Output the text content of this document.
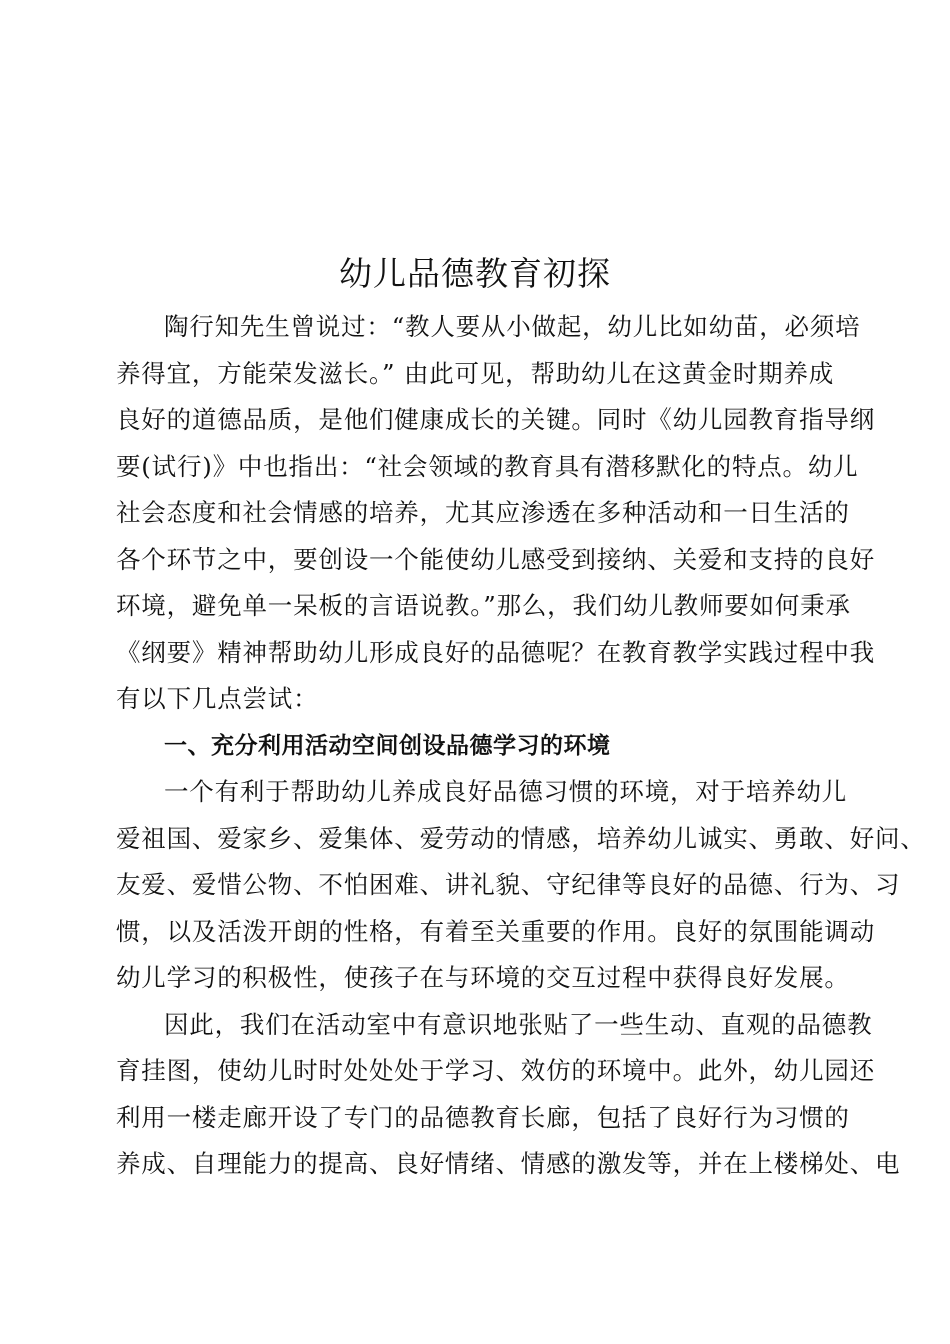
幼儿品德教育初探
陶行知先生曾说过：“教人要从小做起，幼儿比如幼苗，必须培
养得宜，方能荣发滋长。” 由此可见，帮助幼儿在这黄金时期养成
良好的道德品质，是他们健康成长的关键。同时《幼儿园教育指导纲
要(试行)》中也指出：“社会领域的教育具有潜移默化的特点。幼儿
社会态度和社会情感的培养，尤其应渗透在多种活动和一日生活的
各个环节之中，要创设一个能使幼儿感受到接纳、关爱和支持的良好
环境，避免单一呆板的言语说教。”那么，我们幼儿教师要如何秉承
《纲要》精神帮助幼儿形成良好的品德呢？在教育教学实践过程中我
有以下几点尝试：
一、充分利用活动空间创设品德学习的环境
一个有利于帮助幼儿养成良好品德习惯的环境，对于培养幼儿
爱祖国、爱家乡、爱集体、爱劳动的情感，培养幼儿诚实、勇敢、好问、
友爱、爱惜公物、不怕困难、讲礼貌、守纪律等良好的品德、行为、习
惯，以及活泼开朗的性格，有着至关重要的作用。良好的氛围能调动
幼儿学习的积极性，使孩子在与环境的交互过程中获得良好发展。
因此，我们在活动室中有意识地张贴了一些生动、直观的品德教
育挂图，使幼儿时时处处处于学习、效仿的环境中。此外，幼儿园还
利用一楼走廊开设了专门的品德教育长廊，包括了良好行为习惯的
养成、自理能力的提高、良好情绪、情感的激发等，并在上楼梯处、电
